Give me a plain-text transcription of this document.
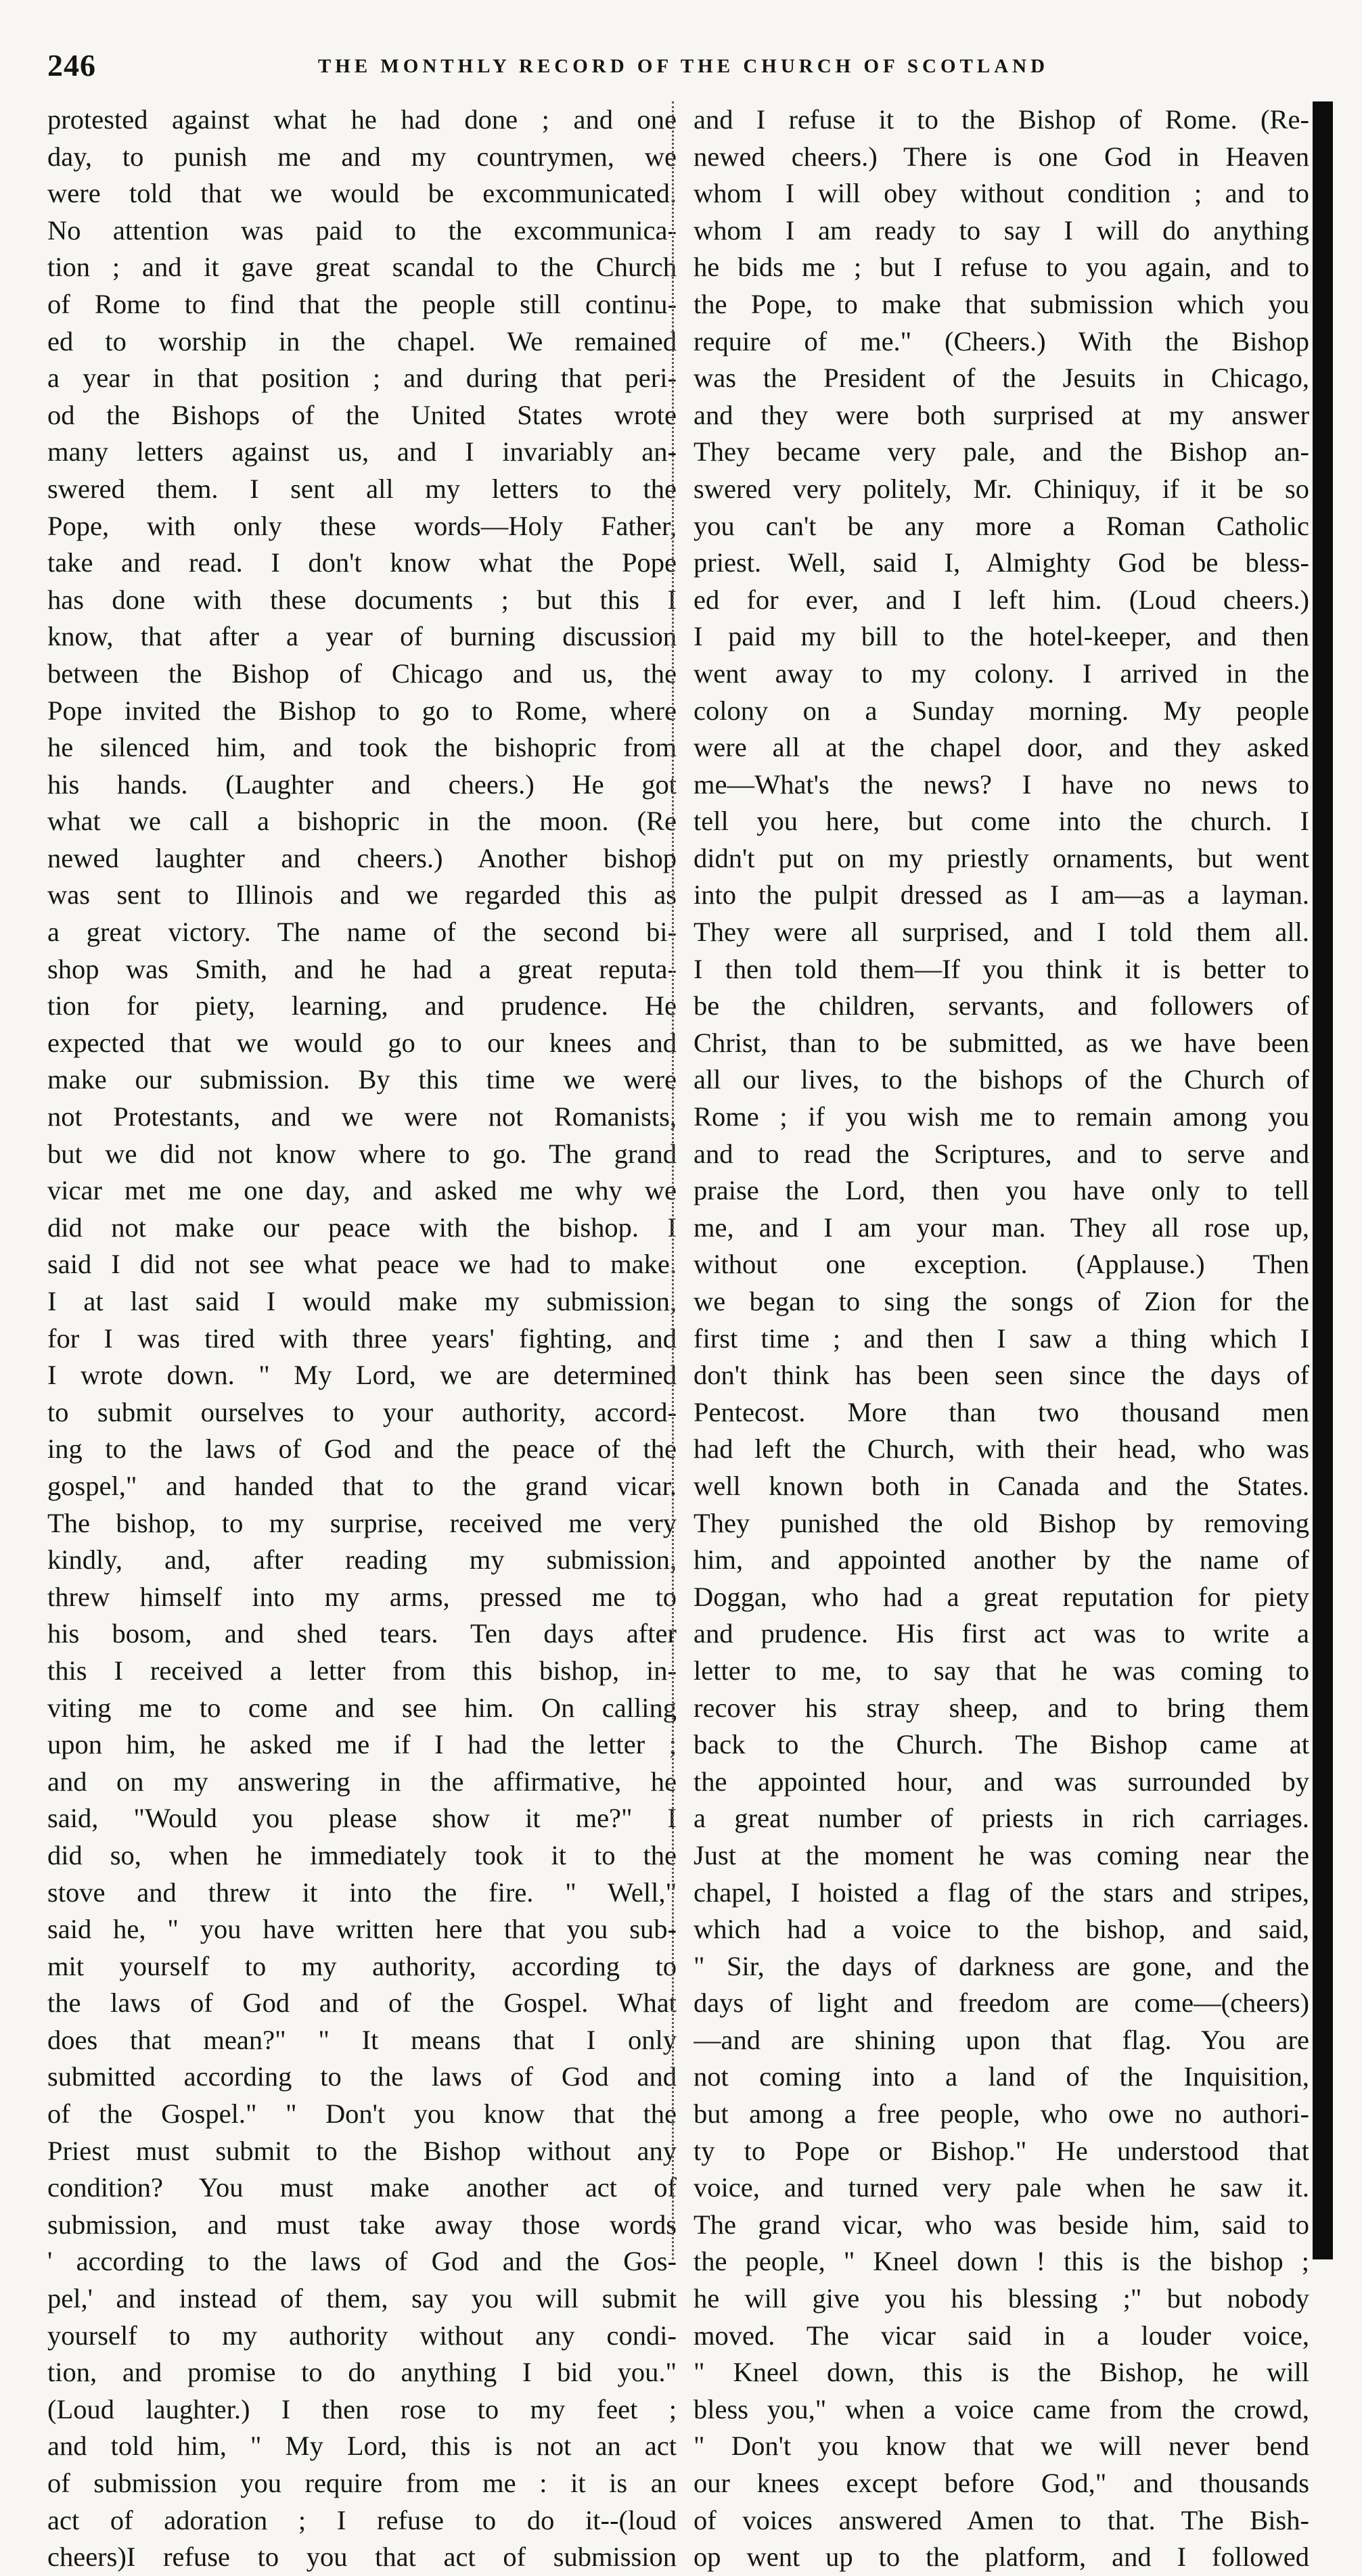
246	THE MONTHLY RECORD OF THE CHURCH OF SCOTLAND
protested against what he had done ; and one
day, to punish me and my countrymen, we
were told that we would be excommunicated.
No attention was paid to the excommunica-
tion ; and it gave great scandal to the Church
of Rome to find that the people still continu-
ed to worship in the chapel. We remained
a year in that position ; and during that peri-
od the Bishops of the United States wrote
many letters against us, and I invariably an-
swered them. I sent all my letters to the
Pope, with only these words—Holy Father,
take and read. I don't know what the Pope
has done with these documents ; but this I
know, that after a year of burning discussion
between the Bishop of Chicago and us, the
Pope invited the Bishop to go to Rome, where
he silenced him, and took the bishopric from
his hands. (Laughter and cheers.) He got
what we call a bishopric in the moon. (Re
newed laughter and cheers.) Another bishop
was sent to Illinois and we regarded this as
a great victory. The name of the second bi-
shop was Smith, and he had a great reputa-
tion for piety, learning, and prudence. He
expected that we would go to our knees and
make our submission. By this time we were
not Protestants, and we were not Romanists,
but we did not know where to go. The grand
vicar met me one day, and asked me why we
did not make our peace with the bishop. I
said I did not see what peace we had to make.
I at last said I would make my submission,
for I was tired with three years' fighting, and
I wrote down. " My Lord, we are determined
to submit ourselves to your authority, accord-
ing to the laws of God and the peace of the
gospel," and handed that to the grand vicar.
The bishop, to my surprise, received me very
kindly, and, after reading my submission,
threw himself into my arms, pressed me to
his bosom, and shed tears. Ten days after
this I received a letter from this bishop, in-
viting me to come and see him. On calling
upon him, he asked me if I had the letter ;
and on my answering in the affirmative, he
said, "Would you please show it me?" I
did so, when he immediately took it to the
stove and threw it into the fire. " Well,"
said he, " you have written here that you sub-
mit yourself to my authority, according to
the laws of God and of the Gospel. What
does that mean?" " It means that I only
submitted according to the laws of God and
of the Gospel." " Don't you know that the
Priest must submit to the Bishop without any
condition? You must make another act of
submission, and must take away those words
' according to the laws of God and the Gos-
pel,' and instead of them, say you will submit
yourself to my authority without any condi-
tion, and promise to do anything I bid you."
(Loud laughter.) I then rose to my feet ;
and told him, " My Lord, this is not an act
of submission you require from me : it is an
act of adoration ; I refuse to do it--(loud
cheers)I refuse to you that act of submission
and I refuse it to the Bishop of Rome. (Re-
newed cheers.) There is one God in Heaven
whom I will obey without condition ; and to
whom I am ready to say I will do anything
he bids me ; but I refuse to you again, and to
the Pope, to make that submission which you
require of me." (Cheers.) With the Bishop
was the President of the Jesuits in Chicago,
and they were both surprised at my answer
They became very pale, and the Bishop an-
swered very politely, Mr. Chiniquy, if it be so
you can't be any more a Roman Catholic
priest. Well, said I, Almighty God be bless-
ed for ever, and I left him. (Loud cheers.)
I paid my bill to the hotel-keeper, and then
went away to my colony. I arrived in the
colony on a Sunday morning. My people
were all at the chapel door, and they asked
me—What's the news? I have no news to
tell you here, but come into the church. I
didn't put on my priestly ornaments, but went
into the pulpit dressed as I am—as a layman.
They were all surprised, and I told them all.
I then told them—If you think it is better to
be the children, servants, and followers of
Christ, than to be submitted, as we have been
all our lives, to the bishops of the Church of
Rome ; if you wish me to remain among you
and to read the Scriptures, and to serve and
praise the Lord, then you have only to tell
me, and I am your man. They all rose up,
without one exception. (Applause.) Then
we began to sing the songs of Zion for the
first time ; and then I saw a thing which I
don't think has been seen since the days of
Pentecost. More than two thousand men
had left the Church, with their head, who was
well known both in Canada and the States.
They punished the old Bishop by removing
him, and appointed another by the name of
Doggan, who had a great reputation for piety
and prudence. His first act was to write a
letter to me, to say that he was coming to
recover his stray sheep, and to bring them
back to the Church. The Bishop came at
the appointed hour, and was surrounded by
a great number of priests in rich carriages.
Just at the moment he was coming near the
chapel, I hoisted a flag of the stars and stripes,
which had a voice to the bishop, and said,
" Sir, the days of darkness are gone, and the
days of light and freedom are come—(cheers)
—and are shining upon that flag. You are
not coming into a land of the Inquisition,
but among a free people, who owe no authori-
ty to Pope or Bishop." He understood that
voice, and turned very pale when he saw it.
The grand vicar, who was beside him, said to
the people, " Kneel down ! this is the bishop ;
he will give you his blessing ;" but nobody
moved. The vicar said in a louder voice,
" Kneel down, this is the Bishop, he will
bless you," when a voice came from the crowd,
" Don't you know that we will never bend
our knees except before God," and thousands
of voices answered Amen to that. The Bish-
op went up to the platform, and I followed
